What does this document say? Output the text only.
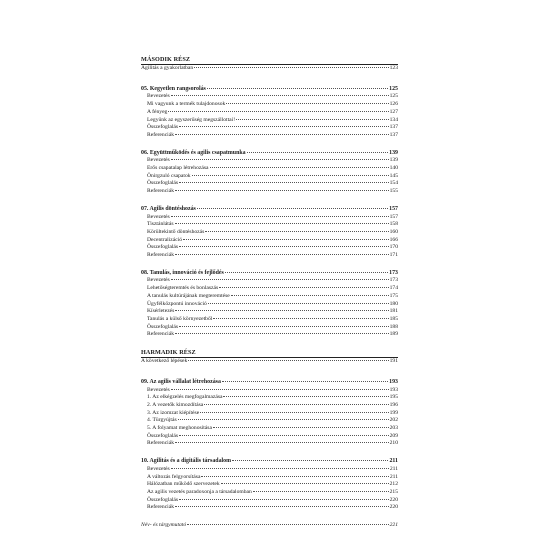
MÁSODIK RÉSZ
Agilitás a gyakorlatban	123
05. Kegyetlen rangsorolás	125
Bevezetés	125
Mi vagyunk a termék tulajdonosok	126
A fényeg	127
Legyünk az egyszerűség megszállottai!	134
Összefoglalás	137
Referenciák	137
06. Együttműködés és agilis csapatmunka	139
Bevezetés	139
Erős csapatalap létrehozása	140
Önirgzuló csapatok	145
Összefoglalás	154
Referenciák	155
07. Agilis döntéshozás	157
Bevezetés	157
Tisztánlátás	158
Körültekintő döntéshozás	160
Decentralizáció	166
Összefoglalás	170
Referenciák	171
08. Tanulás, innováció és fejlődés	173
Bevezetés	173
Lehetőségteremtés és bonlaszás	174
A tanulás kultúrájának megteremtése	175
Ügyfélközpontú innováció	180
Kísérletezés	181
Tanulás a külső környezetből	185
Összefoglalás	188
Referenciák	189
HARMADIK RÉSZ
A következő lépések	191
09. Az agilis vállalat létrehozása	193
Bevezetés	193
1. Az elkégzelés megfogalmazása	195
2. A vezetők kimozdítása	196
3. Az izomzat kiépítése	199
4. Türgyújtás	202
5. A folyamat meghonosítása	203
Összefoglalás	209
Referenciák	210
10. Agilitás és a digitális társadalom	211
Bevezetés	211
A változás felgyorsítása	211
Hálózatban működő szervezetek	212
Az agilis vezetés paradoxonja a társadalomban	215
Összefoglalás	220
Referenciák	220
Név- és tárgymutató	221
